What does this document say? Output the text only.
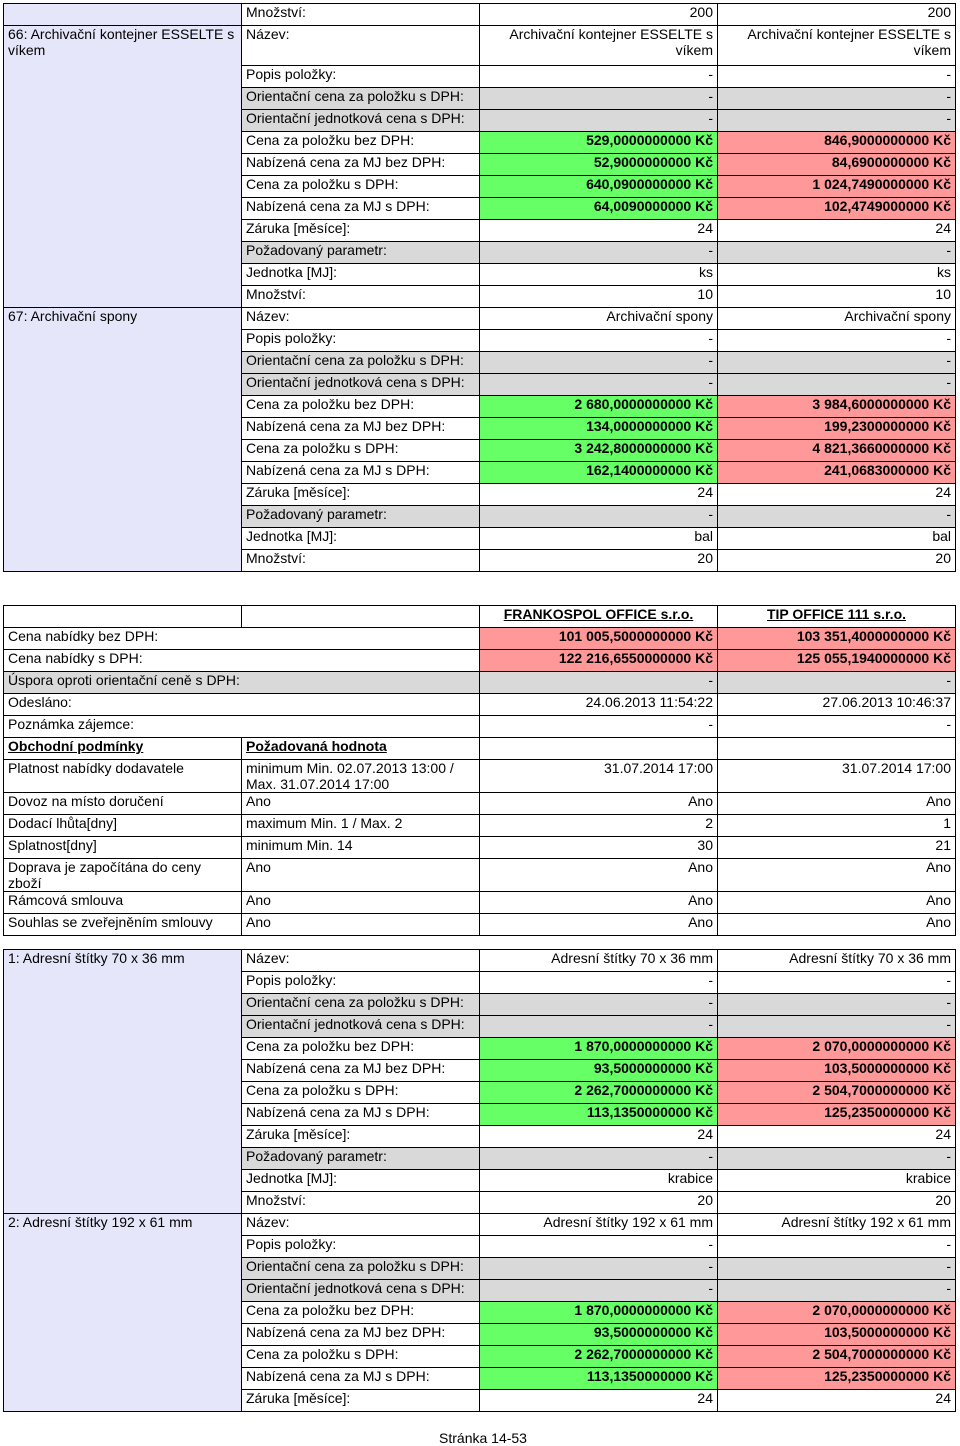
	Množství:	200	200
66: Archivační kontejner ESSELTE s víkem	Název:	Archivační kontejner ESSELTE s víkem	Archivační kontejner ESSELTE s víkem
	Popis položky:	-	-
	Orientační cena za položku s DPH:	-	-
	Orientační jednotková cena s DPH:	-	-
	Cena za položku bez DPH:	529,0000000000 Kč	846,9000000000 Kč
	Nabízená cena za MJ bez DPH:	52,9000000000 Kč	84,6900000000 Kč
	Cena za položku s DPH:	640,0900000000 Kč	1 024,7490000000 Kč
	Nabízená cena za MJ s DPH:	64,0090000000 Kč	102,4749000000 Kč
	Záruka [měsíce]:	24	24
	Požadovaný parametr:	-	-
	Jednotka [MJ]:	ks	ks
	Množství:	10	10
67: Archivační spony	Název:	Archivační spony	Archivační spony
	Popis položky:	-	-
	Orientační cena za položku s DPH:	-	-
	Orientační jednotková cena s DPH:	-	-
	Cena za položku bez DPH:	2 680,0000000000 Kč	3 984,6000000000 Kč
	Nabízená cena za MJ bez DPH:	134,0000000000 Kč	199,2300000000 Kč
	Cena za položku s DPH:	3 242,8000000000 Kč	4 821,3660000000 Kč
	Nabízená cena za MJ s DPH:	162,1400000000 Kč	241,0683000000 Kč
	Záruka [měsíce]:	24	24
	Požadovaný parametr:	-	-
	Jednotka [MJ]:	bal	bal
	Množství:	20	20
		FRANKOSPOL OFFICE s.r.o.	TIP OFFICE 111 s.r.o.
Cena nabídky bez DPH:		101 005,5000000000 Kč	103 351,4000000000 Kč
Cena nabídky s DPH:		122 216,6550000000 Kč	125 055,1940000000 Kč
Úspora oproti orientační ceně s DPH:		-	-
Odesláno:		24.06.2013 11:54:22	27.06.2013 10:46:37
Poznámka zájemce:		-	-
Obchodní podmínky	Požadovaná hodnota		
Platnost nabídky dodavatele	minimum Min. 02.07.2013 13:00 / Max. 31.07.2014 17:00	31.07.2014 17:00	31.07.2014 17:00
Dovoz na místo doručení	Ano	Ano	Ano
Dodací lhůta[dny]	maximum Min. 1 / Max. 2	2	1
Splatnost[dny]	minimum Min. 14	30	21
Doprava je započítána do ceny zboží	Ano	Ano	Ano
Rámcová smlouva	Ano	Ano	Ano
Souhlas se zveřejněním smlouvy	Ano	Ano	Ano
1: Adresní štítky 70 x 36 mm	Název:	Adresní štítky 70 x 36 mm	Adresní štítky 70 x 36 mm
	Popis položky:	-	-
	Orientační cena za položku s DPH:	-	-
	Orientační jednotková cena s DPH:	-	-
	Cena za položku bez DPH:	1 870,0000000000 Kč	2 070,0000000000 Kč
	Nabízená cena za MJ bez DPH:	93,5000000000 Kč	103,5000000000 Kč
	Cena za položku s DPH:	2 262,7000000000 Kč	2 504,7000000000 Kč
	Nabízená cena za MJ s DPH:	113,1350000000 Kč	125,2350000000 Kč
	Záruka [měsíce]:	24	24
	Požadovaný parametr:	-	-
	Jednotka [MJ]:	krabice	krabice
	Množství:	20	20
2: Adresní štítky 192 x 61 mm	Název:	Adresní štítky 192 x 61 mm	Adresní štítky 192 x 61 mm
	Popis položky:	-	-
	Orientační cena za položku s DPH:	-	-
	Orientační jednotková cena s DPH:	-	-
	Cena za položku bez DPH:	1 870,0000000000 Kč	2 070,0000000000 Kč
	Nabízená cena za MJ bez DPH:	93,5000000000 Kč	103,5000000000 Kč
	Cena za položku s DPH:	2 262,7000000000 Kč	2 504,7000000000 Kč
	Nabízená cena za MJ s DPH:	113,1350000000 Kč	125,2350000000 Kč
	Záruka [měsíce]:	24	24
Stránka 14-53
